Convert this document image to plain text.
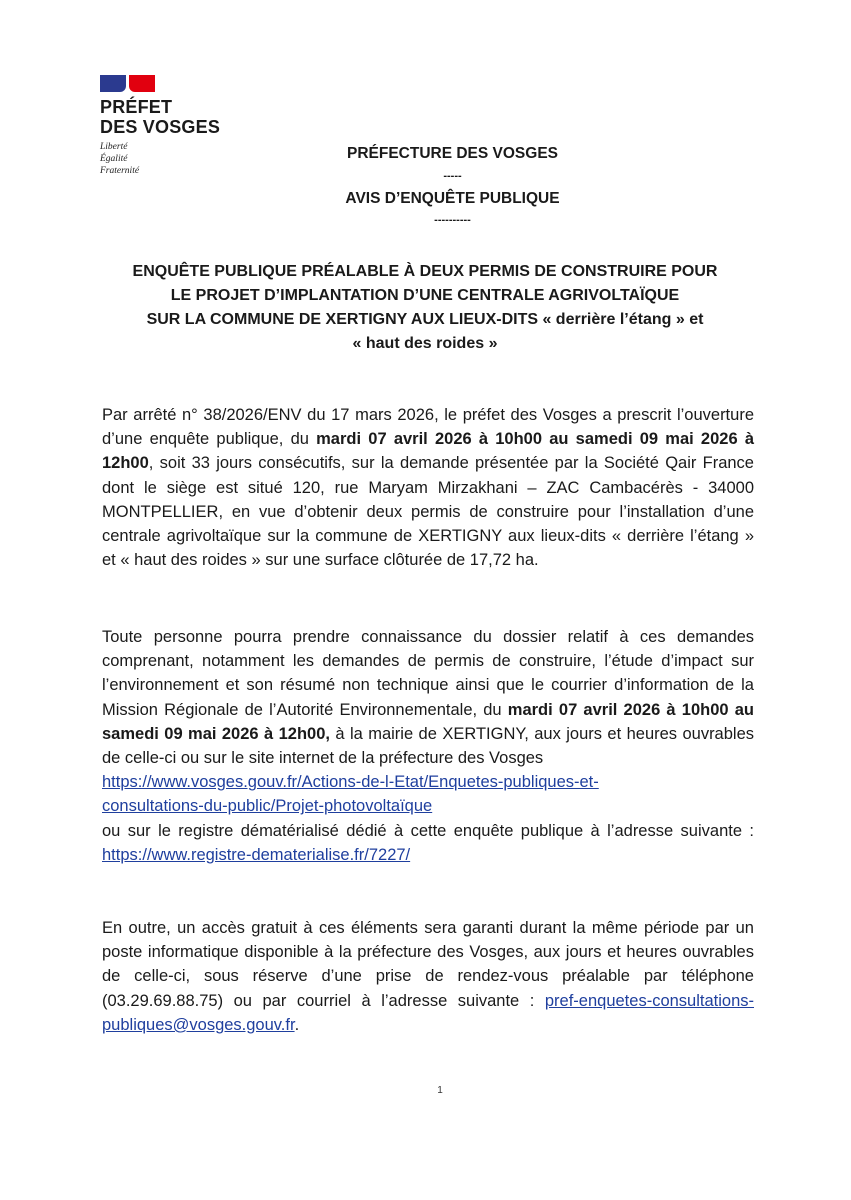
PRÉFET
DES VOSGES
Liberté
Égalité
Fraternité
PRÉFECTURE DES VOSGES
-----
AVIS D’ENQUÊTE PUBLIQUE
----------
ENQUÊTE PUBLIQUE PRÉALABLE À DEUX PERMIS DE CONSTRUIRE POUR
LE PROJET D’IMPLANTATION D’UNE CENTRALE AGRIVOLTAÏQUE
SUR LA COMMUNE DE XERTIGNY AUX LIEUX-DITS « derrière l’étang » et
« haut des roides »
Par arrêté n° 38/2026/ENV du 17 mars 2026, le préfet des Vosges a prescrit l’ouverture d’une enquête publique, du mardi 07 avril 2026 à 10h00 au samedi 09 mai 2026 à 12h00, soit 33 jours consécutifs, sur la demande présentée par la Société Qair France dont le siège est situé 120, rue Maryam Mirzakhani – ZAC Cambacérès - 34000 MONTPELLIER, en vue d’obtenir deux permis de construire pour l’installation d’une centrale agrivoltaïque sur la commune de XERTIGNY aux lieux-dits « derrière l’étang » et « haut des roides » sur une surface clôturée de 17,72 ha.
Toute personne pourra prendre connaissance du dossier relatif à ces demandes comprenant, notamment les demandes de permis de construire, l’étude d’impact sur l’environnement et son résumé non technique ainsi que le courrier d’information de la Mission Régionale de l’Autorité Environnementale, du mardi 07 avril 2026 à 10h00 au samedi 09 mai 2026 à 12h00, à la mairie de XERTIGNY, aux jours et heures ouvrables de celle-ci ou sur le site internet de la préfecture des Vosges
https://www.vosges.gouv.fr/Actions-de-l-Etat/Enquetes-publiques-et-
consultations-du-public/Projet-photovoltaïque
ou sur le registre dématérialisé dédié à cette enquête publique à l’adresse suivante : https://www.registre-dematerialise.fr/7227/
En outre, un accès gratuit à ces éléments sera garanti durant la même période par un poste informatique disponible à la préfecture des Vosges, aux jours et heures ouvrables de celle-ci, sous réserve d’une prise de rendez-vous préalable par téléphone (03.29.69.88.75) ou par courriel à l’adresse suivante : pref-enquetes-consultations-publiques@vosges.gouv.fr.
1
